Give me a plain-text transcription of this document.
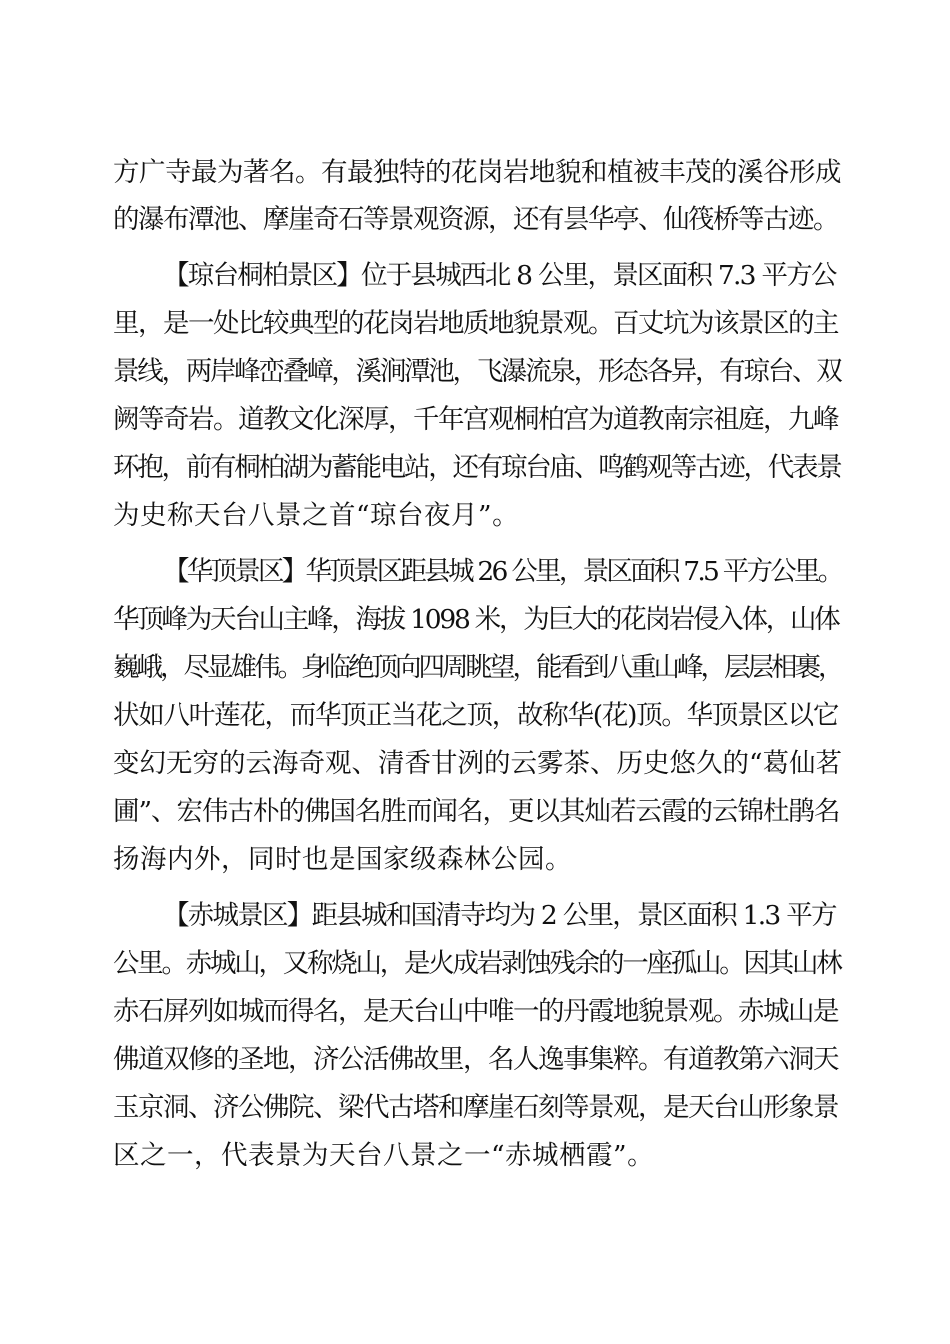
方广寺最为著名。有最独特的花岗岩地貌和植被丰茂的溪谷形成
的瀑布潭池、摩崖奇石等景观资源，还有昙华亭、仙筏桥等古迹。
【琼台桐柏景区】位于县城西北 8 公里，景区面积 7.3 平方公
里，是一处比较典型的花岗岩地质地貌景观。百丈坑为该景区的主
景线，两岸峰峦叠嶂，溪涧潭池，飞瀑流泉，形态各异，有琼台、双
阙等奇岩。道教文化深厚，千年宫观桐柏宫为道教南宗祖庭，九峰
环抱，前有桐柏湖为蓄能电站，还有琼台庙、鸣鹤观等古迹，代表景
为史称天台八景之首“琼台夜月”。
【华顶景区】华顶景区距县城 26 公里，景区面积 7.5 平方公里。
华顶峰为天台山主峰，海拔 1098 米，为巨大的花岗岩侵入体，山体
巍峨，尽显雄伟。身临绝顶向四周眺望，能看到八重山峰，层层相裹，
状如八叶莲花，而华顶正当花之顶，故称华(花)顶。华顶景区以它
变幻无穷的云海奇观、清香甘洌的云雾茶、历史悠久的“葛仙茗
圃”、宏伟古朴的佛国名胜而闻名，更以其灿若云霞的云锦杜鹃名
扬海内外，同时也是国家级森林公园。
【赤城景区】距县城和国清寺均为 2 公里，景区面积 1.3 平方
公里。赤城山，又称烧山，是火成岩剥蚀残余的一座孤山。因其山林
赤石屏列如城而得名，是天台山中唯一的丹霞地貌景观。赤城山是
佛道双修的圣地，济公活佛故里，名人逸事集粹。有道教第六洞天
玉京洞、济公佛院、梁代古塔和摩崖石刻等景观，是天台山形象景
区之一，代表景为天台八景之一“赤城栖霞”。
